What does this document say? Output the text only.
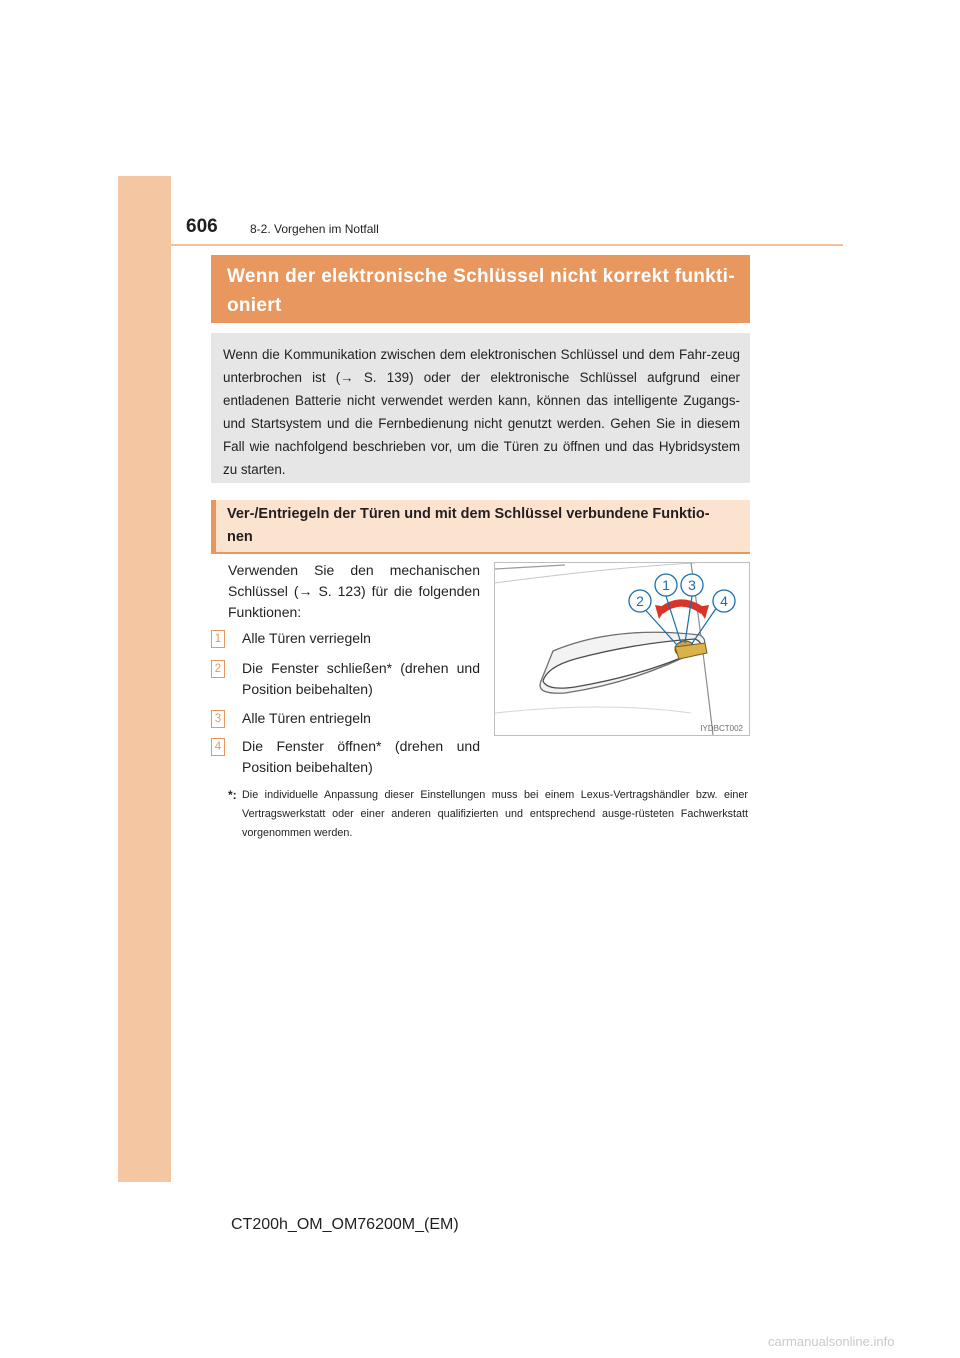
606	8-2. Vorgehen im Notfall
Wenn der elektronische Schlüssel nicht korrekt funkti-
oniert

Wenn die Kommunikation zwischen dem elektronischen Schlüssel und dem Fahr-zeug unterbrochen ist (→ S. 139) oder der elektronische Schlüssel aufgrund einer entladenen Batterie nicht verwendet werden kann, können das intelligente Zugangs- und Startsystem und die Fernbedienung nicht genutzt werden. Gehen Sie in diesem Fall wie nachfolgend beschrieben vor, um die Türen zu öffnen und das Hybridsystem zu starten.

Ver-/Entriegeln der Türen und mit dem Schlüssel verbundene Funktio-
nen
Verwenden Sie den mechanischen Schlüssel (→ S. 123) für die folgenden Funktionen:
1 Alle Türen verriegeln
2 Die Fenster schließen* (drehen und Position beibehalten)
3 Alle Türen entriegeln
4 Die Fenster öffnen* (drehen und Position beibehalten)
*: Die individuelle Anpassung dieser Einstellungen muss bei einem Lexus-Vertragshändler bzw. einer Vertragswerkstatt oder einer anderen qualifizierten und entsprechend ausge-rüsteten Fachwerkstatt vorgenommen werden.
1 3
2	4
IYDBCT002
CT200h_OM_OM76200M_(EM)
carmanualsonline.info
